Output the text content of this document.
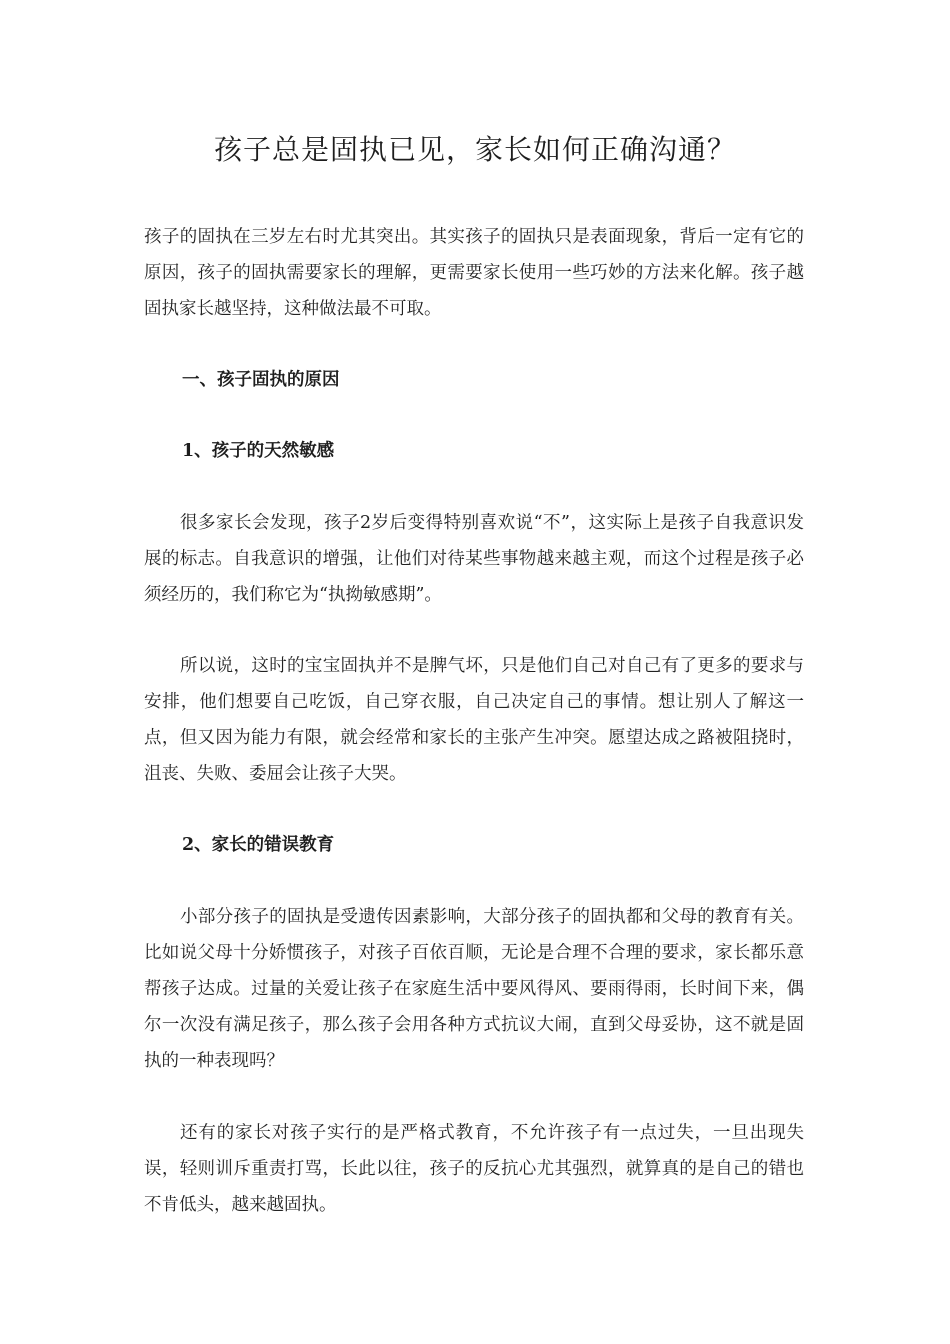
孩子总是固执已见，家长如何正确沟通？

孩子的固执在三岁左右时尤其突出。其实孩子的固执只是表面现象，背后一定有它的原因，孩子的固执需要家长的理解，更需要家长使用一些巧妙的方法来化解。孩子越固执家长越坚持，这种做法最不可取。

一、孩子固执的原因

1、孩子的天然敏感

很多家长会发现，孩子2岁后变得特别喜欢说“不”，这实际上是孩子自我意识发展的标志。自我意识的增强，让他们对待某些事物越来越主观，而这个过程是孩子必须经历的，我们称它为“执拗敏感期”。

所以说，这时的宝宝固执并不是脾气坏，只是他们自己对自己有了更多的要求与安排，他们想要自己吃饭，自己穿衣服，自己决定自己的事情。想让别人了解这一点，但又因为能力有限，就会经常和家长的主张产生冲突。愿望达成之路被阻挠时，沮丧、失败、委屈会让孩子大哭。

2、家长的错误教育

小部分孩子的固执是受遗传因素影响，大部分孩子的固执都和父母的教育有关。比如说父母十分娇惯孩子，对孩子百依百顺，无论是合理不合理的要求，家长都乐意帮孩子达成。过量的关爱让孩子在家庭生活中要风得风、要雨得雨，长时间下来，偶尔一次没有满足孩子，那么孩子会用各种方式抗议大闹，直到父母妥协，这不就是固执的一种表现吗？

还有的家长对孩子实行的是严格式教育，不允许孩子有一点过失，一旦出现失误，轻则训斥重责打骂，长此以往，孩子的反抗心尤其强烈，就算真的是自己的错也不肯低头，越来越固执。
